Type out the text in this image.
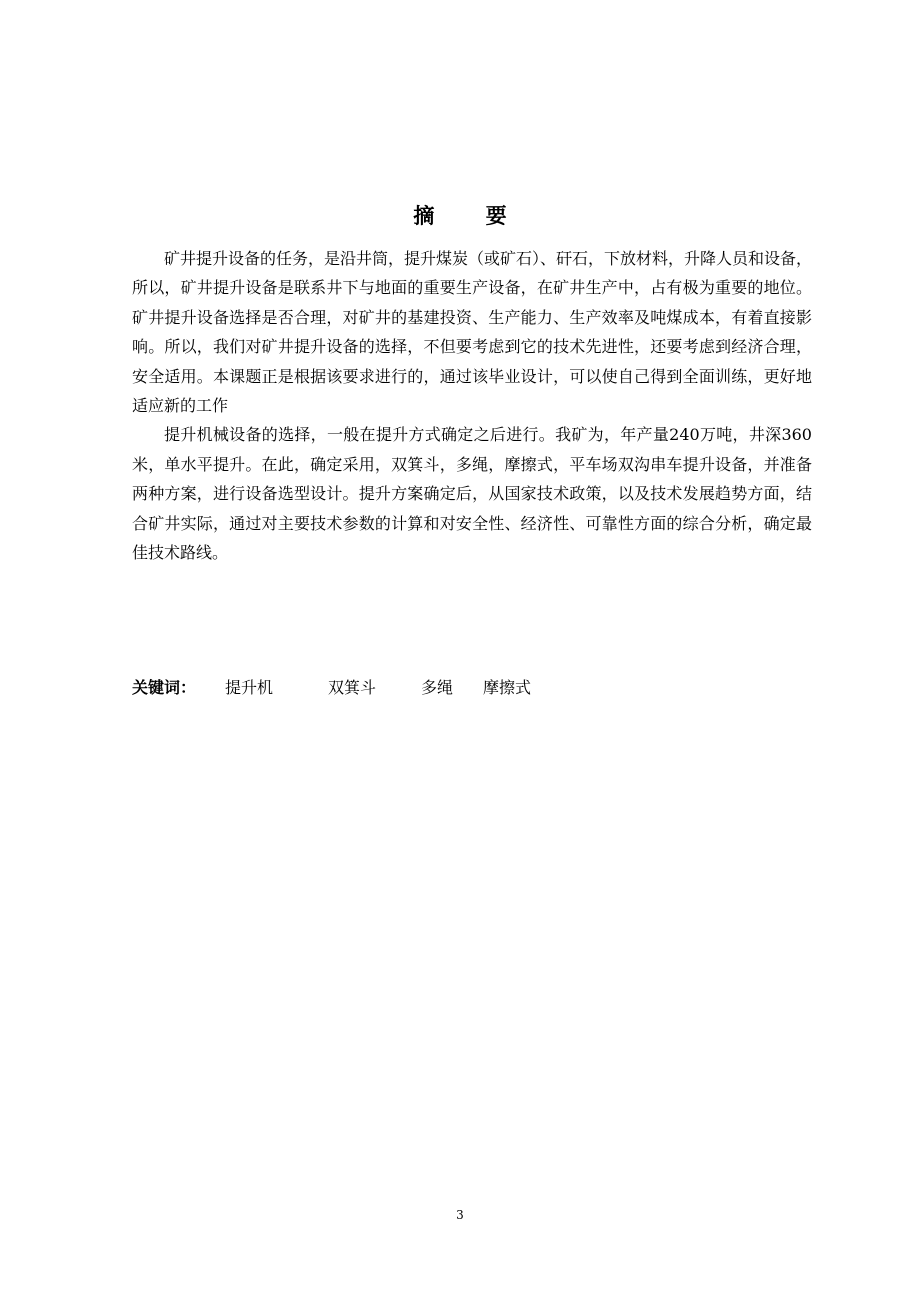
摘 要

矿井提升设备的任务，是沿井筒，提升煤炭（或矿石）、矸石，下放材料，升降人员和设备，所以，矿井提升设备是联系井下与地面的重要生产设备，在矿井生产中，占有极为重要的地位。矿井提升设备选择是否合理，对矿井的基建投资、生产能力、生产效率及吨煤成本，有着直接影响。所以，我们对矿井提升设备的选择，不但要考虑到它的技术先进性，还要考虑到经济合理，安全适用。本课题正是根据该要求进行的，通过该毕业设计，可以使自己得到全面训练，更好地适应新的工作

提升机械设备的选择，一般在提升方式确定之后进行。我矿为，年产量240万吨，井深360米，单水平提升。在此，确定采用，双箕斗，多绳，摩擦式，平车场双沟串车提升设备，并准备两种方案，进行设备选型设计。提升方案确定后，从国家技术政策，以及技术发展趋势方面，结合矿井实际，通过对主要技术参数的计算和对安全性、经济性、可靠性方面的综合分析，确定最佳技术路线。

关键词： 提升机	双箕斗	多绳 摩擦式
3
